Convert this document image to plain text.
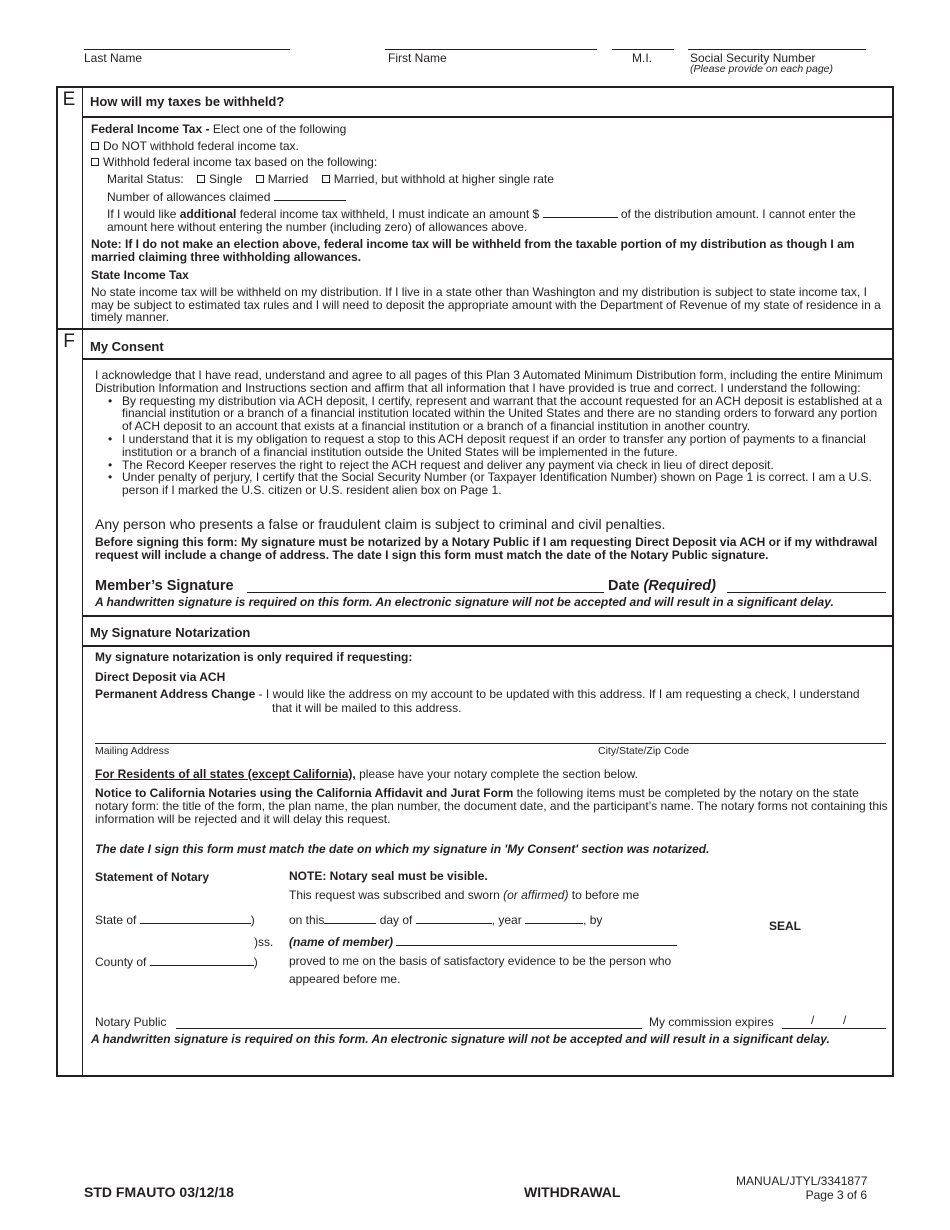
Last Name	First Name	M.I.	Social Security Number
(Please provide on each page)
E	How will my taxes be withheld?
Federal Income Tax - Elect one of the following
Do NOT withhold federal income tax.
Withhold federal income tax based on the following:
Marital Status: Single Married Married, but withhold at higher single rate
Number of allowances claimed
If I would like additional federal income tax withheld, I must indicate an amount $	of the distribution amount. I cannot enter the
amount here without entering the number (including zero) of allowances above.
Note: If I do not make an election above, federal income tax will be withheld from the taxable portion of my distribution as though I am married claiming three withholding allowances.
State Income Tax
No state income tax will be withheld on my distribution. If I live in a state other than Washington and my distribution is subject to state income tax, I may be subject to estimated tax rules and I will need to deposit the appropriate amount with the Department of Revenue of my state of residence in a timely manner.
F	My Consent
I acknowledge that I have read, understand and agree to all pages of this Plan 3 Automated Minimum Distribution form, including the entire Minimum Distribution Information and Instructions section and affirm that all information that I have provided is true and correct. I understand the following:
• By requesting my distribution via ACH deposit, I certify, represent and warrant that the account requested for an ACH deposit is established at a financial institution or a branch of a financial institution located within the United States and there are no standing orders to forward any portion of ACH deposit to an account that exists at a financial institution or a branch of a financial institution in another country.
• I understand that it is my obligation to request a stop to this ACH deposit request if an order to transfer any portion of payments to a financial institution or a branch of a financial institution outside the United States will be implemented in the future.
• The Record Keeper reserves the right to reject the ACH request and deliver any payment via check in lieu of direct deposit.
• Under penalty of perjury, I certify that the Social Security Number (or Taxpayer Identification Number) shown on Page 1 is correct. I am a U.S. person if I marked the U.S. citizen or U.S. resident alien box on Page 1.
Any person who presents a false or fraudulent claim is subject to criminal and civil penalties.
Before signing this form: My signature must be notarized by a Notary Public if I am requesting Direct Deposit via ACH or if my withdrawal request will include a change of address. The date I sign this form must match the date of the Notary Public signature.
Member’s Signature	Date (Required)
A handwritten signature is required on this form. An electronic signature will not be accepted and will result in a significant delay.
My Signature Notarization
My signature notarization is only required if requesting:
Direct Deposit via ACH
Permanent Address Change - I would like the address on my account to be updated with this address. If I am requesting a check, I understand
that it will be mailed to this address.
Mailing Address	City/State/Zip Code
For Residents of all states (except California), please have your notary complete the section below.
Notice to California Notaries using the California Affidavit and Jurat Form the following items must be completed by the notary on the state notary form: the title of the form, the plan name, the plan number, the document date, and the participant’s name. The notary forms not containing this information will be rejected and it will delay this request.
The date I sign this form must match the date on which my signature in 'My Consent' section was notarized.
Statement of Notary	NOTE: Notary seal must be visible.
This request was subscribed and sworn (or affirmed) to before me
State of	)	on this	day of	, year	, by	SEAL
)ss. (name of member)
County of	)	proved to me on the basis of satisfactory evidence to be the person who
appeared before me.
Notary Public	My commission expires	/ /
A handwritten signature is required on this form. An electronic signature will not be accepted and will result in a significant delay.
STD FMAUTO 03/12/18	WITHDRAWAL
MANUAL/JTYL/3341877
Page 3 of 6
